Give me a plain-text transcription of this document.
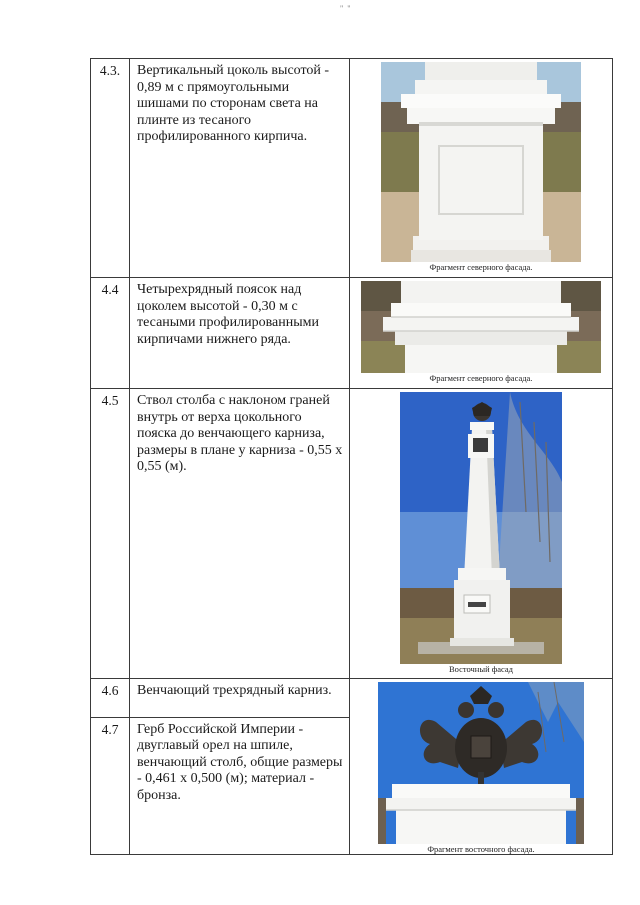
" "
4.3.	Вертикальный цоколь высотой - 0,89 м с прямоугольными шишами по сторонам света на плинте из тесаного профилированного кирпича.	Фрагмент северного фасада.

4.4	Четырехрядный поясок над цоколем высотой - 0,30 м с тесаными профилированными кирпичами нижнего ряда.	Фрагмент северного фасада.

4.5	Ствол столба с наклоном граней внутрь от верха цокольного пояска до венчающего карниза, размеры в плане у карниза - 0,55 х 0,55 (м).	Восточный фасад

4.6	Венчающий трехрядный карниз.	Фрагмент восточного фасада.

4.7	Герб Российской Империи - двуглавый орел на шпиле, венчающий столб, общие размеры - 0,461 х 0,500 (м); материал - бронза.	
